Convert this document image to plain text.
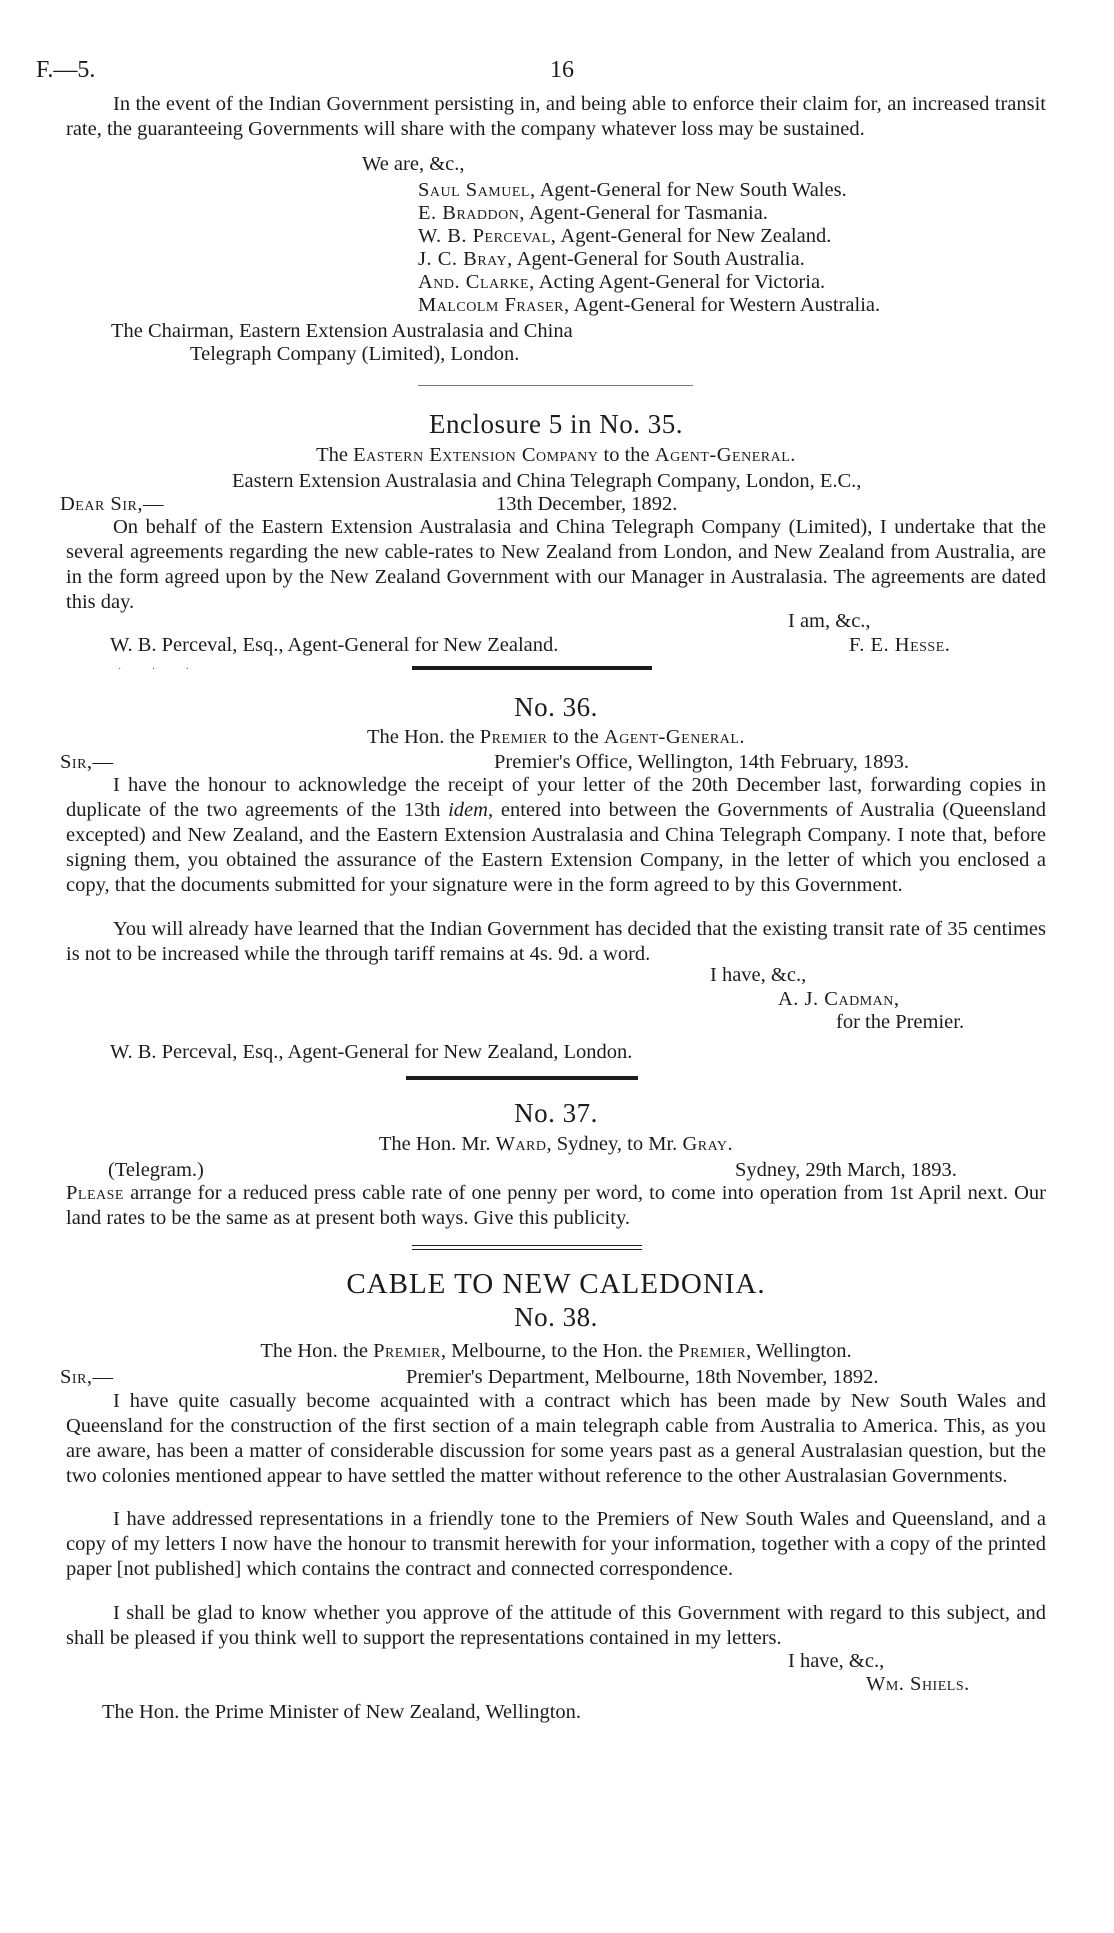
F.—5.	16

In the event of the Indian Government persisting in, and being able to enforce their claim for, an increased transit rate, the guaranteeing Governments will share with the company whatever loss may be sustained.

We are, &c.,
Saul Samuel, Agent-General for New South Wales.
E. Braddon, Agent-General for Tasmania.
W. B. Perceval, Agent-General for New Zealand.
J. C. Bray, Agent-General for South Australia.
And. Clarke, Acting Agent-General for Victoria.
Malcolm Fraser, Agent-General for Western Australia.
The Chairman, Eastern Extension Australasia and China
Telegraph Company (Limited), London.
Enclosure 5 in No. 35.
The Eastern Extension Company to the Agent-General.
Eastern Extension Australasia and China Telegraph Company, London, E.C.,
Dear Sir,—	13th December, 1892.

On behalf of the Eastern Extension Australasia and China Telegraph Company (Limited), I undertake that the several agreements regarding the new cable-rates to New Zealand from London, and New Zealand from Australia, are in the form agreed upon by the New Zealand Government with our Manager in Australasia. The agreements are dated this day.

I am, &c.,
W. B. Perceval, Esq., Agent-General for New Zealand.	F. E. Hesse.
· · ·
No. 36.
The Hon. the Premier to the Agent-General.
Sir,—	Premier's Office, Wellington, 14th February, 1893.

I have the honour to acknowledge the receipt of your letter of the 20th December last, forwarding copies in duplicate of the two agreements of the 13th idem, entered into between the Governments of Australia (Queensland excepted) and New Zealand, and the Eastern Extension Australasia and China Telegraph Company. I note that, before signing them, you obtained the assurance of the Eastern Extension Company, in the letter of which you enclosed a copy, that the documents submitted for your signature were in the form agreed to by this Government.

You will already have learned that the Indian Government has decided that the existing transit rate of 35 centimes is not to be increased while the through tariff remains at 4s. 9d. a word.

I have, &c.,
A. J. Cadman,
for the Premier.
W. B. Perceval, Esq., Agent-General for New Zealand, London.
No. 37.
The Hon. Mr. Ward, Sydney, to Mr. Gray.
(Telegram.)	Sydney, 29th March, 1893.

Please arrange for a reduced press cable rate of one penny per word, to come into operation from 1st April next. Our land rates to be the same as at present both ways. Give this publicity.

CABLE TO NEW CALEDONIA.
No. 38.
The Hon. the Premier, Melbourne, to the Hon. the Premier, Wellington.
Sir,—	Premier's Department, Melbourne, 18th November, 1892.

I have quite casually become acquainted with a contract which has been made by New South Wales and Queensland for the construction of the first section of a main telegraph cable from Australia to America. This, as you are aware, has been a matter of considerable discussion for some years past as a general Australasian question, but the two colonies mentioned appear to have settled the matter without reference to the other Australasian Governments.

I have addressed representations in a friendly tone to the Premiers of New South Wales and Queensland, and a copy of my letters I now have the honour to transmit herewith for your information, together with a copy of the printed paper [not published] which contains the contract and connected correspondence.

I shall be glad to know whether you approve of the attitude of this Government with regard to this subject, and shall be pleased if you think well to support the representations contained in my letters.

I have, &c.,
Wm. Shiels.
The Hon. the Prime Minister of New Zealand, Wellington.
